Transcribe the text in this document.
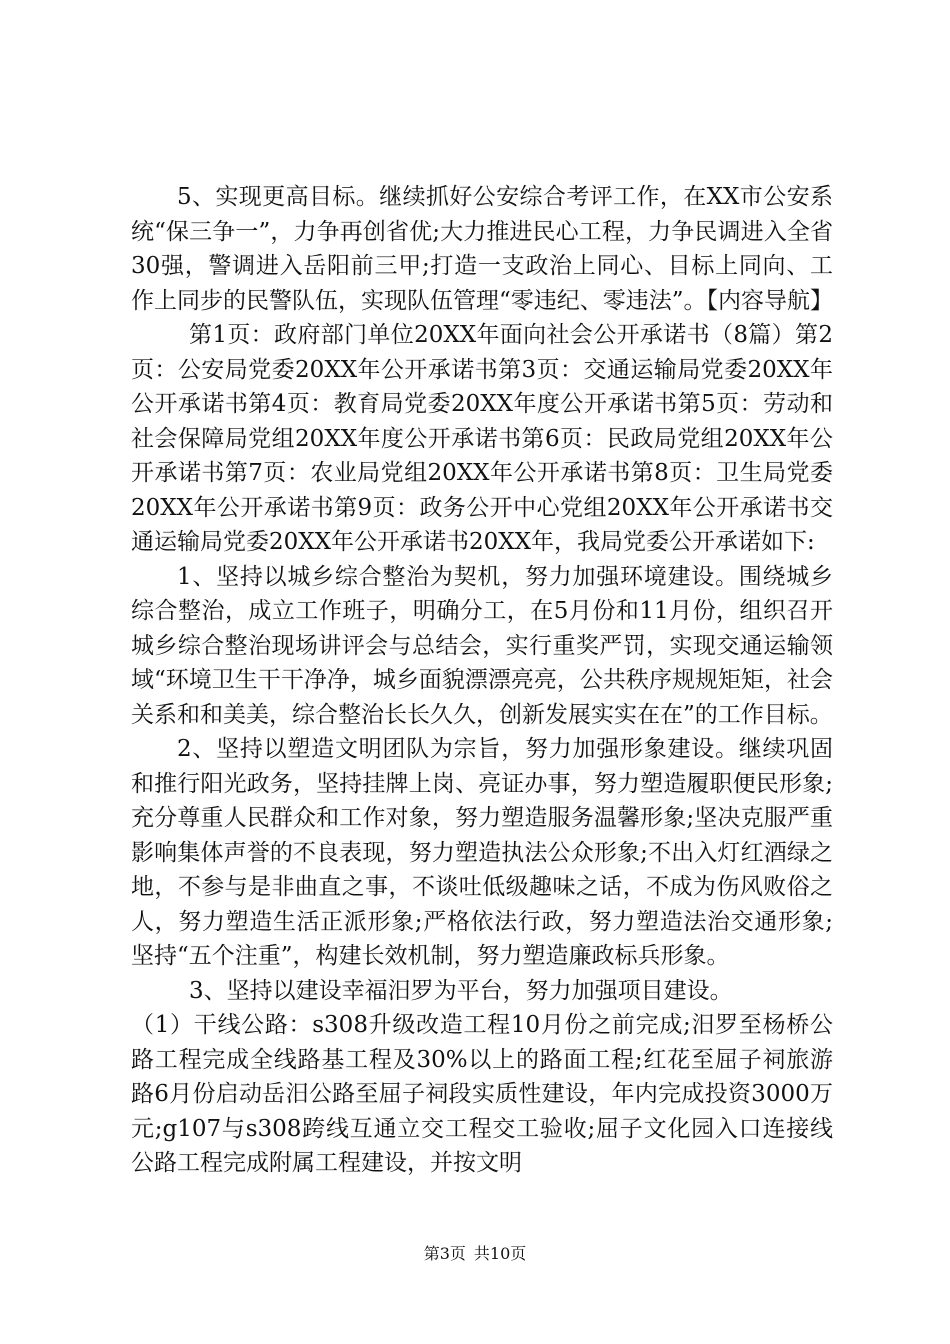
5、实现更高目标。继续抓好公安综合考评工作，在XX市公安系统“保三争一”，力争再创省优;大力推进民心工程，力争民调进入全省30强，警调进入岳阳前三甲;打造一支政治上同心、目标上同向、工作上同步的民警队伍，实现队伍管理“零违纪、零违法”。【内容导航】

第1页：政府部门单位20XX年面向社会公开承诺书（8篇）第2页：公安局党委20XX年公开承诺书第3页：交通运输局党委20XX年公开承诺书第4页：教育局党委20XX年度公开承诺书第5页：劳动和社会保障局党组20XX年度公开承诺书第6页：民政局党组20XX年公开承诺书第7页：农业局党组20XX年公开承诺书第8页：卫生局党委20XX年公开承诺书第9页：政务公开中心党组20XX年公开承诺书交通运输局党委20XX年公开承诺书20XX年，我局党委公开承诺如下:

1、坚持以城乡综合整治为契机，努力加强环境建设。围绕城乡综合整治，成立工作班子，明确分工，在5月份和11月份，组织召开城乡综合整治现场讲评会与总结会，实行重奖严罚，实现交通运输领域“环境卫生干干净净，城乡面貌漂漂亮亮，公共秩序规规矩矩，社会关系和和美美，综合整治长长久久，创新发展实实在在”的工作目标。

2、坚持以塑造文明团队为宗旨，努力加强形象建设。继续巩固和推行阳光政务，坚持挂牌上岗、亮证办事，努力塑造履职便民形象;充分尊重人民群众和工作对象，努力塑造服务温馨形象;坚决克服严重影响集体声誉的不良表现，努力塑造执法公众形象;不出入灯红酒绿之地，不参与是非曲直之事，不谈吐低级趣味之话，不成为伤风败俗之人，努力塑造生活正派形象;严格依法行政，努力塑造法治交通形象;坚持“五个注重”，构建长效机制，努力塑造廉政标兵形象。

3、坚持以建设幸福汨罗为平台，努力加强项目建设。

（1）干线公路：s308升级改造工程10月份之前完成;汨罗至杨桥公路工程完成全线路基工程及30%以上的路面工程;红花至屈子祠旅游路6月份启动岳汨公路至屈子祠段实质性建设，年内完成投资3000万元;g107与s308跨线互通立交工程交工验收;屈子文化园入口连接线公路工程完成附属工程建设，并按文明

第3页 共10页
